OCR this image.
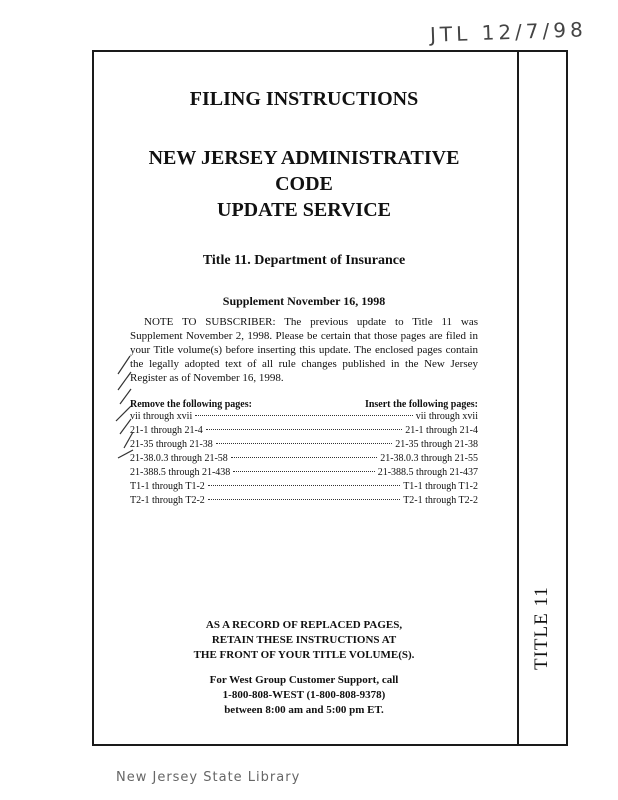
JTL 12/7/98
TITLE 11
FILING INSTRUCTIONS
NEW JERSEY ADMINISTRATIVE CODE
UPDATE SERVICE
Title 11. Department of Insurance
Supplement November 16, 1998

NOTE TO SUBSCRIBER: The previous update to Title 11 was Supplement November 2, 1998. Please be certain that those pages are filed in your Title volume(s) before inserting this update. The enclosed pages contain the legally adopted text of all rule changes published in the New Jersey Register as of November 16, 1998.

Remove the following pages:	Insert the following pages:
vii through xvii	vii through xvii
21-1 through 21-4	21-1 through 21-4
21-35 through 21-38	21-35 through 21-38
21-38.0.3 through 21-58	21-38.0.3 through 21-55
21-388.5 through 21-438	21-388.5 through 21-437
T1-1 through T1-2	T1-1 through T1-2
T2-1 through T2-2	T2-1 through T2-2
AS A RECORD OF REPLACED PAGES,
RETAIN THESE INSTRUCTIONS AT
THE FRONT OF YOUR TITLE VOLUME(S).
For West Group Customer Support, call
1-800-808-WEST (1-800-808-9378)
between 8:00 am and 5:00 pm ET.
New Jersey State Library
